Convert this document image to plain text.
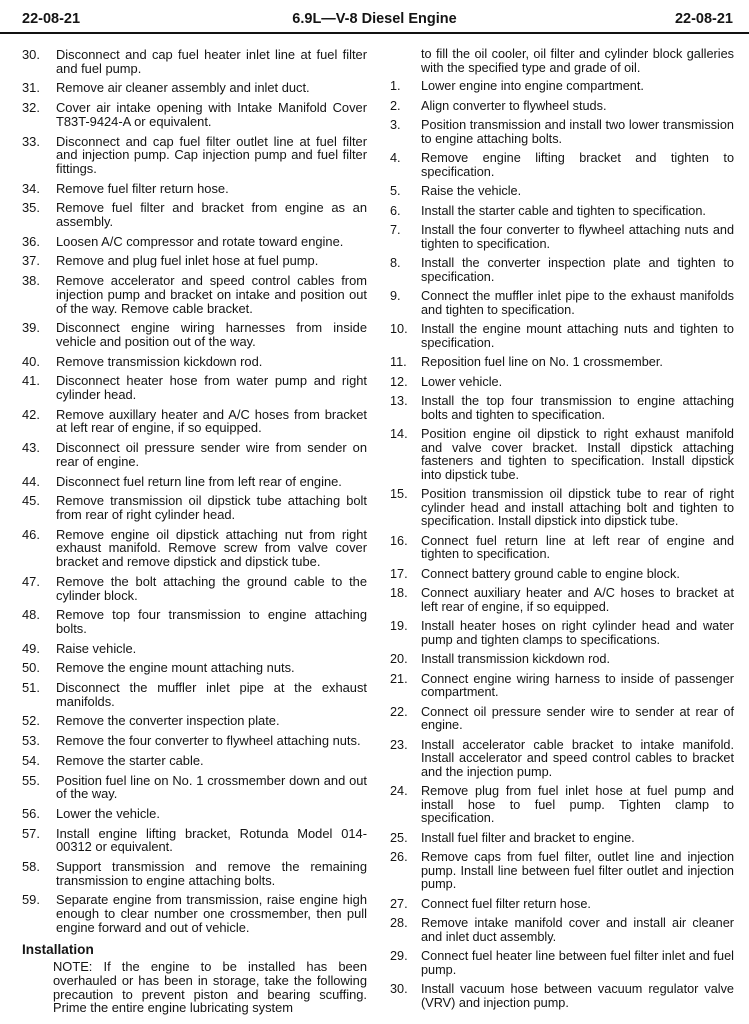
22-08-21	6.9L—V-8 Diesel Engine	22-08-21
30.	Disconnect and cap fuel heater inlet line at fuel filter and fuel pump.
31.	Remove air cleaner assembly and inlet duct.
32.	Cover air intake opening with Intake Manifold Cover T83T-9424-A or equivalent.
33.	Disconnect and cap fuel filter outlet line at fuel filter and injection pump. Cap injection pump and fuel filter fittings.
34.	Remove fuel filter return hose.
35.	Remove fuel filter and bracket from engine as an assembly.
36.	Loosen A/C compressor and rotate toward engine.
37.	Remove and plug fuel inlet hose at fuel pump.
38.	Remove accelerator and speed control cables from injection pump and bracket on intake and position out of the way. Remove cable bracket.
39.	Disconnect engine wiring harnesses from inside vehicle and position out of the way.
40.	Remove transmission kickdown rod.
41.	Disconnect heater hose from water pump and right cylinder head.
42.	Remove auxillary heater and A/C hoses from bracket at left rear of engine, if so equipped.
43.	Disconnect oil pressure sender wire from sender on rear of engine.
44.	Disconnect fuel return line from left rear of engine.
45.	Remove transmission oil dipstick tube attaching bolt from rear of right cylinder head.
46.	Remove engine oil dipstick attaching nut from right exhaust manifold. Remove screw from valve cover bracket and remove dipstick and dipstick tube.
47.	Remove the bolt attaching the ground cable to the cylinder block.
48.	Remove top four transmission to engine attaching bolts.
49.	Raise vehicle.
50.	Remove the engine mount attaching nuts.
51.	Disconnect the muffler inlet pipe at the exhaust manifolds.
52.	Remove the converter inspection plate.
53.	Remove the four converter to flywheel attaching nuts.
54.	Remove the starter cable.
55.	Position fuel line on No. 1 crossmember down and out of the way.
56.	Lower the vehicle.
57.	Install engine lifting bracket, Rotunda Model 014-00312 or equivalent.
58.	Support transmission and remove the remaining transmission to engine attaching bolts.
59.	Separate engine from transmission, raise engine high enough to clear number one crossmember, then pull engine forward and out of vehicle.
Installation

NOTE: If the engine to be installed has been overhauled or has been in storage, take the following precaution to prevent piston and bearing scuffing. Prime the entire engine lubricating system

to fill the oil cooler, oil filter and cylinder block galleries with the specified type and grade of oil.

1.	Lower engine into engine compartment.
2.	Align converter to flywheel studs.
3.	Position transmission and install two lower transmission to engine attaching bolts.
4.	Remove engine lifting bracket and tighten to specification.
5.	Raise the vehicle.
6.	Install the starter cable and tighten to specification.
7.	Install the four converter to flywheel attaching nuts and tighten to specification.
8.	Install the converter inspection plate and tighten to specification.
9.	Connect the muffler inlet pipe to the exhaust manifolds and tighten to specification.
10.	Install the engine mount attaching nuts and tighten to specification.
11.	Reposition fuel line on No. 1 crossmember.
12.	Lower vehicle.
13.	Install the top four transmission to engine attaching bolts and tighten to specification.
14.	Position engine oil dipstick to right exhaust manifold and valve cover bracket. Install dipstick attaching fasteners and tighten to specification. Install dipstick into dipstick tube.
15.	Position transmission oil dipstick tube to rear of right cylinder head and install attaching bolt and tighten to specification. Install dipstick into dipstick tube.
16.	Connect fuel return line at left rear of engine and tighten to specification.
17.	Connect battery ground cable to engine block.
18.	Connect auxiliary heater and A/C hoses to bracket at left rear of engine, if so equipped.
19.	Install heater hoses on right cylinder head and water pump and tighten clamps to specifications.
20.	Install transmission kickdown rod.
21.	Connect engine wiring harness to inside of passenger compartment.
22.	Connect oil pressure sender wire to sender at rear of engine.
23.	Install accelerator cable bracket to intake manifold. Install accelerator and speed control cables to bracket and the injection pump.
24.	Remove plug from fuel inlet hose at fuel pump and install hose to fuel pump. Tighten clamp to specification.
25.	Install fuel filter and bracket to engine.
26.	Remove caps from fuel filter, outlet line and injection pump. Install line between fuel filter outlet and injection pump.
27.	Connect fuel filter return hose.
28.	Remove intake manifold cover and install air cleaner and inlet duct assembly.
29.	Connect fuel heater line between fuel filter inlet and fuel pump.
30.	Install vacuum hose between vacuum regulator valve (VRV) and injection pump.
